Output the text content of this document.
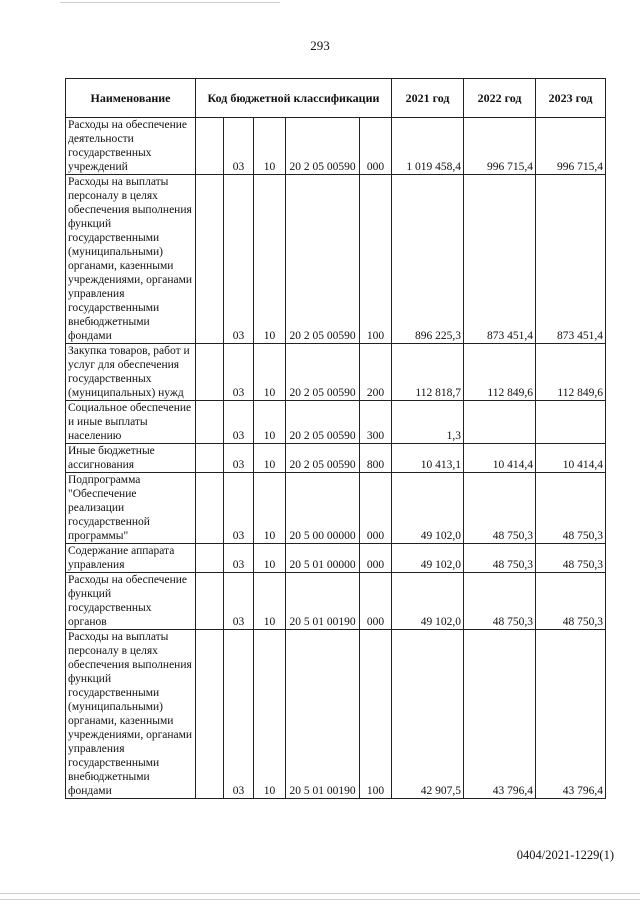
293
Наименование	Код бюджетной классификации					2021 год	2022 год	2023 год
Расходы на обеспечение деятельности государственных учреждений		03	10	20 2 05 00590	000	1 019 458,4	996 715,4	996 715,4
Расходы на выплаты персоналу в целях обеспечения выполнения функций государственными (муниципальными) органами, казенными учреждениями, органами управления государственными внебюджетными фондами		03	10	20 2 05 00590	100	896 225,3	873 451,4	873 451,4
Закупка товаров, работ и услуг для обеспечения государственных (муниципальных) нужд		03	10	20 2 05 00590	200	112 818,7	112 849,6	112 849,6
Социальное обеспечение и иные выплаты населению		03	10	20 2 05 00590	300	1,3		
Иные бюджетные ассигнования		03	10	20 2 05 00590	800	10 413,1	10 414,4	10 414,4
Подпрограмма "Обеспечение реализации государственной программы"		03	10	20 5 00 00000	000	49 102,0	48 750,3	48 750,3
Содержание аппарата управления		03	10	20 5 01 00000	000	49 102,0	48 750,3	48 750,3
Расходы на обеспечение функций государственных органов		03	10	20 5 01 00190	000	49 102,0	48 750,3	48 750,3
Расходы на выплаты персоналу в целях обеспечения выполнения функций государственными (муниципальными) органами, казенными учреждениями, органами управления государственными внебюджетными фондами		03	10	20 5 01 00190	100	42 907,5	43 796,4	43 796,4
0404/2021-1229(1)
